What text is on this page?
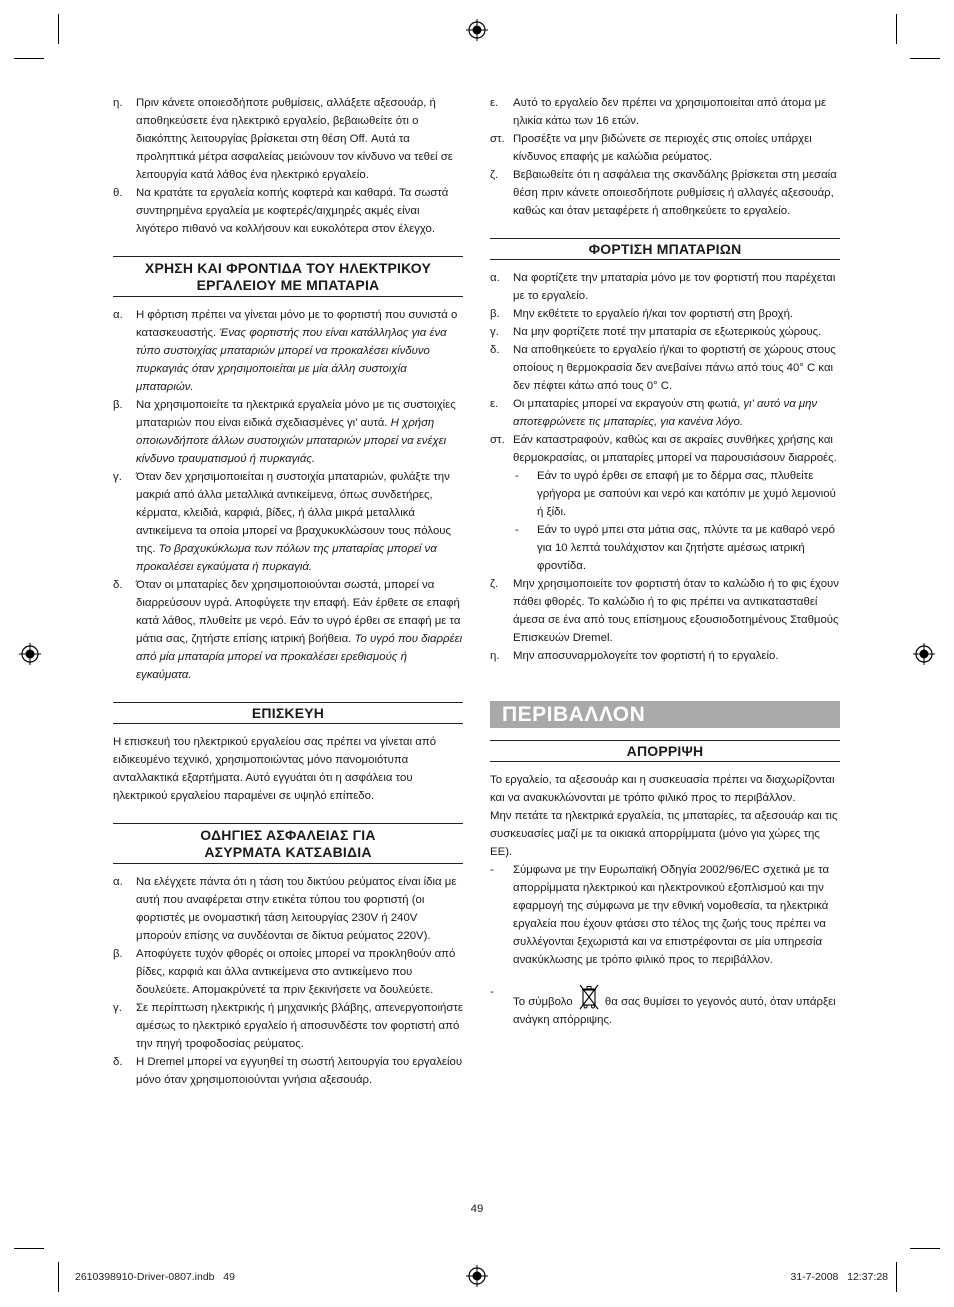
η. Πριν κάνετε οποιεσδήποτε ρυθμίσεις, αλλάξετε αξεσουάρ, ή αποθηκεύσετε ένα ηλεκτρικό εργαλείο, βεβαιωθείτε ότι ο διακόπτης λειτουργίας βρίσκεται στη θέση Off. Αυτά τα προληπτικά μέτρα ασφαλείας μειώνουν τον κίνδυνο να τεθεί σε λειτουργία κατά λάθος ένα ηλεκτρικό εργαλείο.
θ. Να κρατάτε τα εργαλεία κοπής κοφτερά και καθαρά. Τα σωστά συντηρημένα εργαλεία με κοφτερές/αιχμηρές ακμές είναι λιγότερο πιθανό να κολλήσουν και ευκολότερα στον έλεγχο.
ΧΡΗΣΗ ΚΑΙ ΦΡΟΝΤΙΔΑ ΤΟΥ ΗΛΕΚΤΡΙΚΟΥ ΕΡΓΑΛΕΙΟΥ ΜΕ ΜΠΑΤΑΡΙΑ
α. Η φόρτιση πρέπει να γίνεται μόνο με το φορτιστή που συνιστά ο κατασκευαστής. Ένας φορτιστής που είναι κατάλληλος για ένα τύπο συστοιχίας μπαταριών μπορεί να προκαλέσει κίνδυνο πυρκαγιάς όταν χρησιμοποιείται με μία άλλη συστοιχία μπαταριών.
β. Να χρησιμοποιείτε τα ηλεκτρικά εργαλεία μόνο με τις συστοιχίες μπαταριών που είναι ειδικά σχεδιασμένες γι' αυτά. Η χρήση οποιωνδήποτε άλλων συστοιχιών μπαταριών μπορεί να ενέχει κίνδυνο τραυματισμού ή πυρκαγιάς.
γ. Όταν δεν χρησιμοποιείται η συστοιχία μπαταριών, φυλάξτε την μακριά από άλλα μεταλλικά αντικείμενα, όπως συνδετήρες, κέρματα, κλειδιά, καρφιά, βίδες, ή άλλα μικρά μεταλλικά αντικείμενα τα οποία μπορεί να βραχυκυκλώσουν τους πόλους της. Το βραχυκύκλωμα των πόλων της μπαταρίας μπορεί να προκαλέσει εγκαύματα ή πυρκαγιά.
δ. Όταν οι μπαταρίες δεν χρησιμοποιούνται σωστά, μπορεί να διαρρεύσουν υγρά. Αποφύγετε την επαφή. Εάν έρθετε σε επαφή κατά λάθος, πλυθείτε με νερό. Εάν το υγρό έρθει σε επαφή με τα μάτια σας, ζητήστε επίσης ιατρική βοήθεια. Το υγρό που διαρρέει από μία μπαταρία μπορεί να προκαλέσει ερεθισμούς ή εγκαύματα.
ΕΠΙΣΚΕΥΗ

Η επισκευή του ηλεκτρικού εργαλείου σας πρέπει να γίνεται από ειδικευμένο τεχνικό, χρησιμοποιώντας μόνο πανομοιότυπα ανταλλακτικά εξαρτήματα. Αυτό εγγυάται ότι η ασφάλεια του ηλεκτρικού εργαλείου παραμένει σε υψηλό επίπεδο.

ΟΔΗΓΙΕΣ ΑΣΦΑΛΕΙΑΣ ΓΙΑ ΑΣΥΡΜΑΤΑ ΚΑΤΣΑΒΙΔΙΑ
α. Να ελέγχετε πάντα ότι η τάση του δικτύου ρεύματος είναι ίδια με αυτή που αναφέρεται στην ετικέτα τύπου του φορτιστή (οι φορτιστές με ονομαστική τάση λειτουργίας 230V ή 240V μπορούν επίσης να συνδέονται σε δίκτυα ρεύματος 220V).
β. Αποφύγετε τυχόν φθορές οι οποίες μπορεί να προκληθούν από βίδες, καρφιά και άλλα αντικείμενα στο αντικείμενο που δουλεύετε. Απομακρύνετέ τα πριν ξεκινήσετε να δουλεύετε.
γ. Σε περίπτωση ηλεκτρικής ή μηχανικής βλάβης, απενεργοποιήστε αμέσως το ηλεκτρικό εργαλείο ή αποσυνδέστε τον φορτιστή από την πηγή τροφοδοσίας ρεύματος.
δ. Η Dremel μπορεί να εγγυηθεί τη σωστή λειτουργία του εργαλείου μόνο όταν χρησιμοποιούνται γνήσια αξεσουάρ.
ε. Αυτό το εργαλείο δεν πρέπει να χρησιμοποιείται από άτομα με ηλικία κάτω των 16 ετών.
στ. Προσέξτε να μην βιδώνετε σε περιοχές στις οποίες υπάρχει κίνδυνος επαφής με καλώδια ρεύματος.
ζ. Βεβαιωθείτε ότι η ασφάλεια της σκανδάλης βρίσκεται στη μεσαία θέση πριν κάνετε οποιεσδήποτε ρυθμίσεις ή αλλαγές αξεσουάρ, καθώς και όταν μεταφέρετε ή αποθηκεύετε το εργαλείο.
ΦΟΡΤΙΣΗ ΜΠΑΤΑΡΙΩΝ
α. Να φορτίζετε την μπαταρία μόνο με τον φορτιστή που παρέχεται με το εργαλείο.
β. Μην εκθέτετε το εργαλείο ή/και τον φορτιστή στη βροχή.
γ. Να μην φορτίζετε ποτέ την μπαταρία σε εξωτερικούς χώρους.
δ. Να αποθηκεύετε το εργαλείο ή/και το φορτιστή σε χώρους στους οποίους η θερμοκρασία δεν ανεβαίνει πάνω από τους 40° C και δεν πέφτει κάτω από τους 0° C.
ε. Οι μπαταρίες μπορεί να εκραγούν στη φωτιά, γι' αυτό να μην αποτεφρώνετε τις μπαταρίες, για κανένα λόγο.
στ. Εάν καταστραφούν, καθώς και σε ακραίες συνθήκες χρήσης και θερμοκρασίας, οι μπαταρίες μπορεί να παρουσιάσουν διαρροές.
- Εάν το υγρό έρθει σε επαφή με το δέρμα σας, πλυθείτε γρήγορα με σαπούνι και νερό και κατόπιν με χυμό λεμονιού ή ξίδι.
- Εάν το υγρό μπει στα μάτια σας, πλύντε τα με καθαρό νερό για 10 λεπτά τουλάχιστον και ζητήστε αμέσως ιατρική φροντίδα.
ζ. Μην χρησιμοποιείτε τον φορτιστή όταν το καλώδιο ή το φις έχουν πάθει φθορές. Το καλώδιο ή το φις πρέπει να αντικατασταθεί άμεσα σε ένα από τους επίσημους εξουσιοδοτημένους Σταθμούς Επισκευών Dremel.
η. Μην αποσυναρμολογείτε τον φορτιστή ή το εργαλείο.
ΠΕΡΙΒΑΛΛΟΝ
ΑΠΟΡΡΙΨΗ

Το εργαλείο, τα αξεσουάρ και η συσκευασία πρέπει να διαχωρίζονται και να ανακυκλώνονται με τρόπο φιλικό προς το περιβάλλον.

Μην πετάτε τα ηλεκτρικά εργαλεία, τις μπαταρίες, τα αξεσουάρ και τις συσκευασίες μαζί με τα οικιακά απορρίμματα (μόνο για χώρες της ΕΕ).

- Σύμφωνα με την Ευρωπαϊκή Οδηγία 2002/96/EC σχετικά με τα απορρίμματα ηλεκτρικού και ηλεκτρονικού εξοπλισμού και την εφαρμογή της σύμφωνα με την εθνική νομοθεσία, τα ηλεκτρικά εργαλεία που έχουν φτάσει στο τέλος της ζωής τους πρέπει να συλλέγονται ξεχωριστά και να επιστρέφονται σε μία υπηρεσία ανακύκλωσης με τρόπο φιλικό προς το περιβάλλον.
-
Το σύμβολο	θα σας θυμίσει το γεγονός αυτό, όταν υπάρξει ανάγκη απόρριψης.
49
2610398910-Driver-0807.indb   49	31-7-2008   12:37:28
